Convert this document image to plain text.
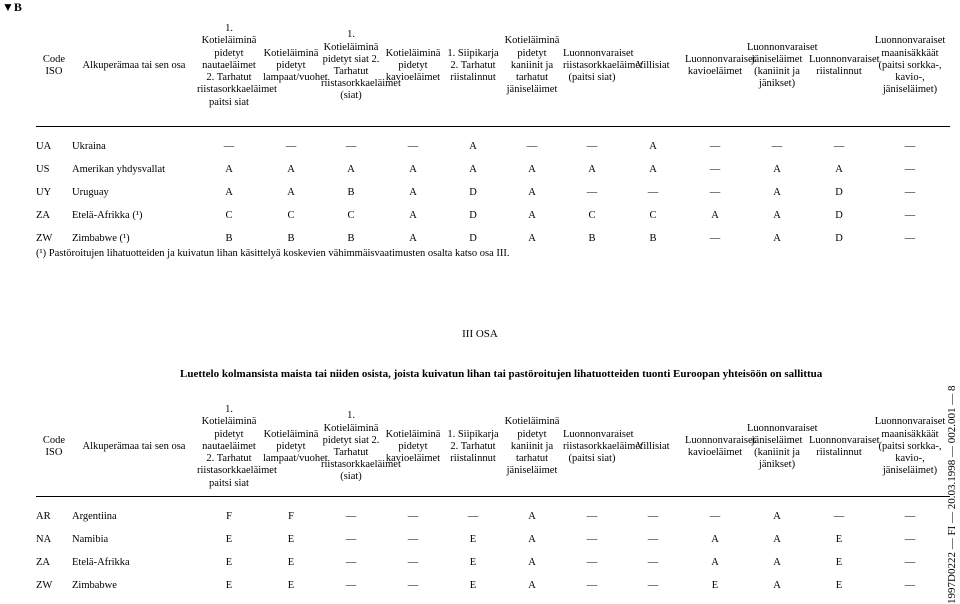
▼B
Code ISO	Alkuperämaa tai sen osa	1. Kotieläiminä pidetyt nautaeläimet 2. Tarhatut riistasorkkaeläimet paitsi siat	Kotieläiminä pidetyt lampaat/vuohet	1. Kotieläiminä pidetyt siat 2. Tarhatut riistasorkkaeläimet (siat)	Kotieläiminä pidetyt kavioeläimet	1. Siipikarja 2. Tarhatut riistalinnut	Kotieläiminä pidetyt kaniinit ja tarhatut jäniseläimet	Luonnonvaraiset riistasorkkaeläimet (paitsi siat)	Villisiat	Luonnonvaraiset kavioeläimet	Luonnonvaraiset jäniseläimet (kaniinit ja jänikset)	Luonnonvaraiset riistalinnut	Luonnonvaraiset maanisäkkäät (paitsi sorkka-, kavio-, jäniseläimet)
UA	Ukraina	—	—	—	—	A	—	—	A	—	—	—	—
US	Amerikan yhdysvallat	A	A	A	A	A	A	A	A	—	A	A	—
UY	Uruguay	A	A	B	A	D	A	—	—	—	A	D	—
ZA	Etelä-Afrikka (¹)	C	C	C	A	D	A	C	C	A	A	D	—
ZW	Zimbabwe (¹)	B	B	B	A	D	A	B	B	—	A	D	—
(¹) Pastöroitujen lihatuotteiden ja kuivatun lihan käsittelyä koskevien vähimmäisvaatimusten osalta katso osa III.
III OSA
Luettelo kolmansista maista tai niiden osista, joista kuivatun lihan tai pastöroitujen lihatuotteiden tuonti Euroopan yhteisöön on sallittua
Code ISO	Alkuperämaa tai sen osa	1. Kotieläiminä pidetyt nautaeläimet 2. Tarhatut riistasorkkaeläimet paitsi siat	Kotieläiminä pidetyt lampaat/vuohet	1. Kotieläiminä pidetyt siat 2. Tarhatut riistasorkkaeläimet (siat)	Kotieläiminä pidetyt kavioeläimet	1. Siipikarja 2. Tarhatut riistalinnut	Kotieläiminä pidetyt kaniinit ja tarhatut jäniseläimet	Luonnonvaraiset riistasorkkaeläimet (paitsi siat)	Villisiat	Luonnonvaraiset kavioeläimet	Luonnonvaraiset jäniseläimet (kaniinit ja jänikset)	Luonnonvaraiset riistalinnut	Luonnonvaraiset maanisäkkäät (paitsi sorkka-, kavio-, jäniseläimet)
AR	Argentiina	F	F	—	—	—	A	—	—	—	A	—	—
NA	Namibia	E	E	—	—	E	A	—	—	A	A	E	—
ZA	Etelä-Afrikka	E	E	—	—	E	A	—	—	A	A	E	—
ZW	Zimbabwe	E	E	—	—	E	A	—	—	E	A	E	—	1997D0222 — FI — 20.03.1998 — 002.001 — 8
